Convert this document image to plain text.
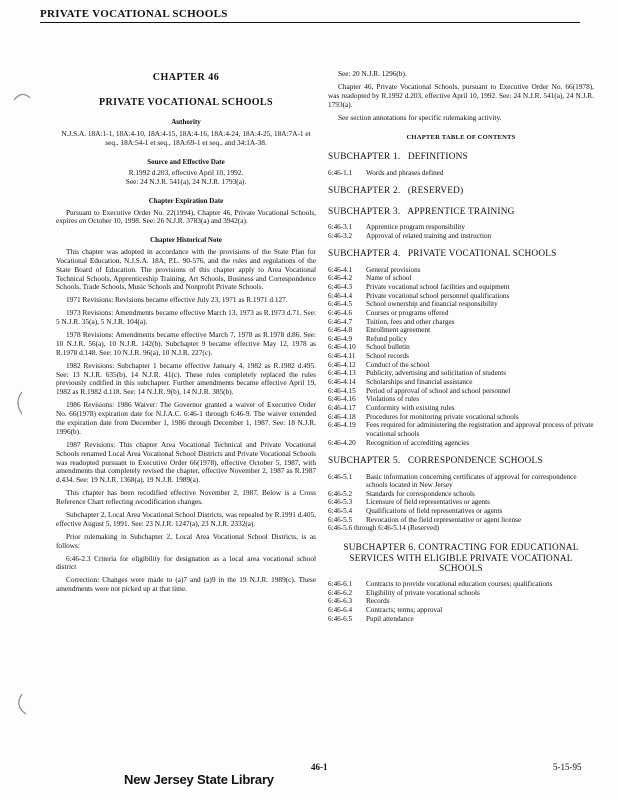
PRIVATE VOCATIONAL SCHOOLS
CHAPTER 46
PRIVATE VOCATIONAL SCHOOLS
Authority

N.J.S.A. 18A:1-1, 18A:4-10, 18A:4-15, 18A:4-16, 18A:4-24, 18A:4-25, 18A:7A-1 et seq., 18A:54-1 et seq., 18A:69-1 et seq., and 34:1A-38.

Source and Effective Date
R.1992 d.203, effective April 10, 1992.
See: 24 N.J.R. 541(a), 24 N.J.R. 1793(a).
Chapter Expiration Date

Pursuant to Executive Order No. 22(1994), Chapter 46, Private Vocational Schools, expires on October 10, 1998. See: 26 N.J.R. 3783(a) and 3942(a).

Chapter Historical Note

This chapter was adopted in accordance with the provisions of the State Plan for Vocational Education, N.J.S.A. 18A, P.L. 90-576, and the rules and regulations of the State Board of Education. The provisions of this chapter apply to Area Vocational Technical Schools, Apprenticeship Training, Art Schools, Business and Correspondence Schools, Trade Schools, Music Schools and Nonprofit Private Schools.

1971 Revisions: Revisions became effective July 23, 1971 as R.1971 d.127.

1973 Revisions: Amendments became effective March 13, 1973 as R.1973 d.71. See: 5 N.J.R. 35(a), 5 N.J.R. 104(a).

1978 Revisions: Amendments became effective March 7, 1978 as R.1978 d.86. See: 10 N.J.R. 56(a), 10 N.J.R. 142(b). Subchapter 9 became effective May 12, 1978 as R.1978 d.148. See: 10 N.J.R. 96(a), 10 N.J.R. 227(c).

1982 Revisions: Subchapter 1 became effective January 4, 1982 as R.1982 d.495. See: 13 N.J.R. 635(b), 14 N.J.R. 41(c). These rules completely replaced the rules previously codified in this subchapter. Further amendments became effective April 19, 1982 as R.1982 d.118. See: 14 N.J.R. 9(b), 14 N.J.R. 385(b).

1986 Revisions: 1986 Waiver: The Governor granted a waiver of Executive Order No. 66(1978) expiration date for N.J.A.C. 6:46-1 through 6:46-9. The waiver extended the expiration date from December 1, 1986 through December 1, 1987. See: 18 N.J.R. 1996(b).

1987 Revisions: This chapter Area Vocational Technical and Private Vocational Schools renamed Local Area Vocational School Districts and Private Vocational Schools was readopted pursuant to Executive Order 66(1978), effective October 5, 1987, with amendments that completely revised the chapter, effective November 2, 1987 as R.1987 d.434. See: 19 N.J.R. 1368(a), 19 N.J.R. 1989(a).

This chapter has been recodified effective November 2, 1987. Below is a Cross Reference Chart reflecting recodification changes.

Subchapter 2, Local Area Vocational School Districts, was repealed by R.1991 d.405, effective August 5, 1991. See: 23 N.J.R. 1247(a), 23 N.J.R. 2332(a).

Prior rulemaking in Subchapter 2, Local Area Vocational School Districts, is as follows:

6:46-2.3 Criteria for eligibility for designation as a local area vocational school district

Correction: Changes were made to (a)7 and (a)9 in the 19 N.J.R. 1989(c). These amendments were not picked up at that time.

See: 20 N.J.R. 1296(b).

Chapter 46, Private Vocational Schools, pursuant to Executive Order No. 66(1978), was readopted by R.1992 d.203, effective April 10, 1992. See: 24 N.J.R. 541(a), 24 N.J.R. 1793(a).

See section annotations for specific rulemaking activity.

CHAPTER TABLE OF CONTENTS
SUBCHAPTER 1. DEFINITIONS
6:46-1.1	Words and phrases defined
SUBCHAPTER 2. (RESERVED)
SUBCHAPTER 3. APPRENTICE TRAINING
6:46-3.1	Apprentice program responsibility
6:46-3.2	Approval of related training and instruction
SUBCHAPTER 4. PRIVATE VOCATIONAL SCHOOLS
6:46-4.1	General provisions
6:46-4.2	Name of school
6:46-4.3	Private vocational school facilities and equipment
6:46-4.4	Private vocational school personnel qualifications
6:46-4.5	School ownership and financial responsibility
6:46-4.6	Courses or programs offered
6:46-4.7	Tuition, fees and other charges
6:46-4.8	Enrollment agreement
6:46-4.9	Refund policy
6:46-4.10	School bulletin
6:46-4.11	School records
6:46-4.12	Conduct of the school
6:46-4.13	Publicity, advertising and solicitation of students
6:46-4.14	Scholarships and financial assistance
6:46-4.15	Period of approval of school and school personnel
6:46-4.16	Violations of rules
6:46-4.17	Conformity with existing rules
6:46-4.18	Procedures for monitoring private vocational schools
6:46-4.19	Fees required for administering the registration and approval process of private vocational schools
6:46-4.20	Recognition of accrediting agencies
SUBCHAPTER 5. CORRESPONDENCE SCHOOLS
6:46-5.1	Basic information concerning certificates of approval for correspondence schools located in New Jersey
6:46-5.2	Standards for correspondence schools
6:46-5.3	Licensure of field representatives or agents
6:46-5.4	Qualifications of field representatives or agents
6:46-5.5	Revocation of the field representative or agent license
6:46-5.6 through 6:46-5.14 (Reserved)
SUBCHAPTER 6. CONTRACTING FOR EDUCATIONAL SERVICES WITH ELIGIBLE PRIVATE VOCATIONAL SCHOOLS
6:46-6.1	Contracts to provide vocational education courses; qualifications
6:46-6.2	Eligibility of private vocational schools
6:46-6.3	Records
6:46-6.4	Contracts; terms; approval
6:46-6.5	Pupil attendance
New Jersey State Library
46-1	5-15-95
